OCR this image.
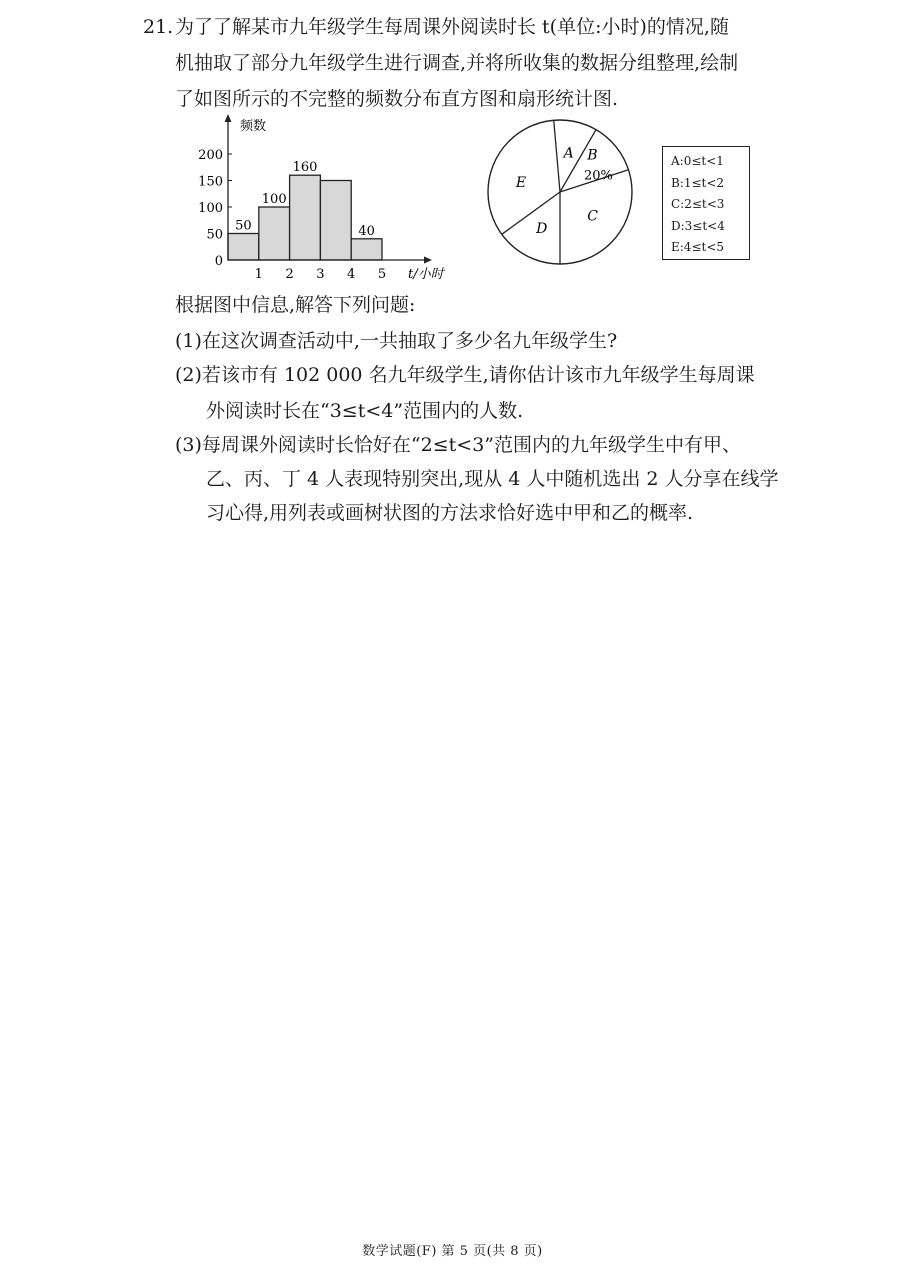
21. 为了了解某市九年级学生每周课外阅读时长 t(单位:小时)的情况,随
机抽取了部分九年级学生进行调查,并将所收集的数据分组整理,绘制
了如图所示的不完整的频数分布直方图和扇形统计图.
50
100
160
40
0
50
100
150
200
1 2 3 4 5
频数
t/小时
A B
20%
C
D
E
A:0≤t<1
B:1≤t<2
C:2≤t<3
D:3≤t<4
E:4≤t<5
根据图中信息,解答下列问题:
(1)在这次调查活动中,一共抽取了多少名九年级学生?
(2)若该市有 102 000 名九年级学生,请你估计该市九年级学生每周课
外阅读时长在“3≤t<4”范围内的人数.
(3)每周课外阅读时长恰好在“2≤t<3”范围内的九年级学生中有甲、
乙、丙、丁 4 人表现特别突出,现从 4 人中随机选出 2 人分享在线学
习心得,用列表或画树状图的方法求恰好选中甲和乙的概率.
数学试题(F) 第 5 页(共 8 页)
